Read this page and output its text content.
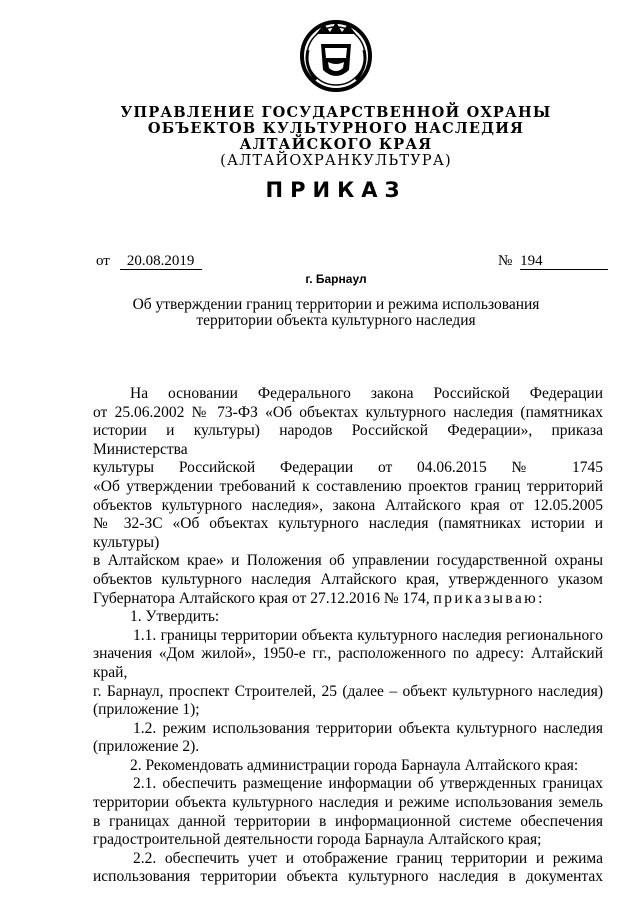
УПРАВЛЕНИЕ ГОСУДАРСТВЕННОЙ ОХРАНЫ
ОБЪЕКТОВ КУЛЬТУРНОГО НАСЛЕДИЯ
АЛТАЙСКОГО КРАЯ
(АЛТАЙОХРАНКУЛЬТУРА)
ПРИКАЗ
от 20.08.2019	№ 194
г. Барнаул
Об утверждении границ территории и режима использования
территории объекта культурного наследия

На основании Федерального закона Российской Федерации

от 25.06.2002 № 73-ФЗ «Об объектах культурного наследия (памятниках

истории и культуры) народов Российской Федерации», приказа Министерства

культуры Российской Федерации от 04.06.2015 № 1745

«Об утверждении требований к составлению проектов границ территорий

объектов культурного наследия», закона Алтайского края от 12.05.2005

№ 32-ЗС «Об объектах культурного наследия (памятниках истории и культуры)

в Алтайском крае» и Положения об управлении государственной охраны

объектов культурного наследия Алтайского края, утвержденного указом

Губернатора Алтайского края от 27.12.2016 № 174, приказываю:

1. Утвердить:

1.1. границы территории объекта культурного наследия регионального

значения «Дом жилой», 1950-е гг., расположенного по адресу: Алтайский край,

г. Барнаул, проспект Строителей, 25 (далее – объект культурного наследия)

(приложение 1);

1.2. режим использования территории объекта культурного наследия

(приложение 2).

2. Рекомендовать администрации города Барнаула Алтайского края:

2.1. обеспечить размещение информации об утвержденных границах

территории объекта культурного наследия и режиме использования земель

в границах данной территории в информационной системе обеспечения

градостроительной деятельности города Барнаула Алтайского края;

2.2. обеспечить учет и отображение границ территории и режима

использования территории объекта культурного наследия в документах
